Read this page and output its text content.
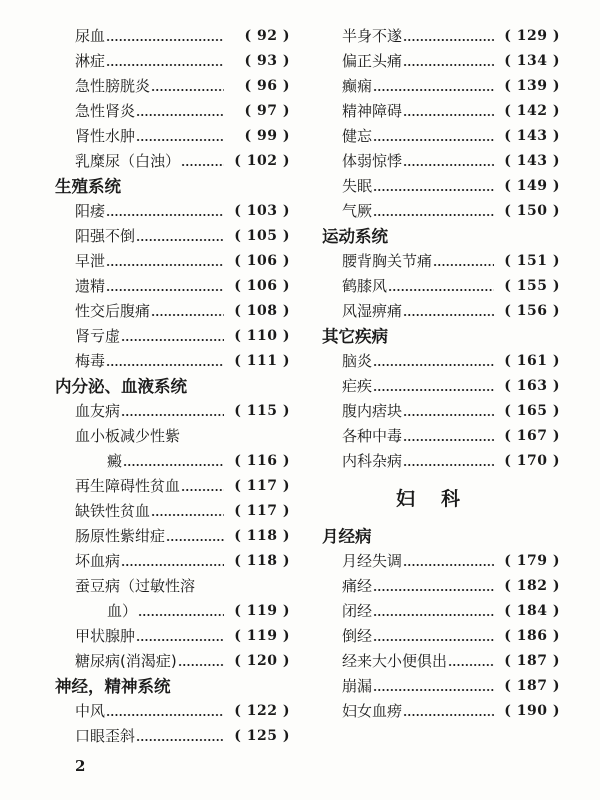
尿血	( 92 )
淋症	( 93 )
急性膀胱炎	( 96 )
急性肾炎	( 97 )
肾性水肿	( 99 )
乳糜尿（白浊）	( 102 )
生殖系统
阳痿	( 103 )
阳强不倒	( 105 )
早泄	( 106 )
遗精	( 106 )
性交后腹痛	( 108 )
肾亏虚	( 110 )
梅毒	( 111 )
内分泌、血液系统
血友病	( 115 )
血小板减少性紫
癜	( 116 )
再生障碍性贫血	( 117 )
缺铁性贫血	( 117 )
肠原性紫绀症	( 118 )
坏血病	( 118 )
蚕豆病（过敏性溶
血）	( 119 )
甲状腺肿	( 119 )
糖尿病(消渴症)	( 120 )
神经，精神系统
中风	( 122 )
口眼歪斜	( 125 )
半身不遂	( 129 )
偏正头痛	( 134 )
癫痫	( 139 )
精神障碍	( 142 )
健忘	( 143 )
体弱惊悸	( 143 )
失眠	( 149 )
气厥	( 150 )
运动系统
腰背胸关节痛	( 151 )
鹤膝风	( 155 )
风湿痹痛	( 156 )
其它疾病
脑炎	( 161 )
疟疾	( 163 )
腹内痞块	( 165 )
各种中毒	( 167 )
内科杂病	( 170 )
妇科
月经病
月经失调	( 179 )
痛经	( 182 )
闭经	( 184 )
倒经	( 186 )
经来大小便俱出	( 187 )
崩漏	( 187 )
妇女血痨	( 190 )
2
